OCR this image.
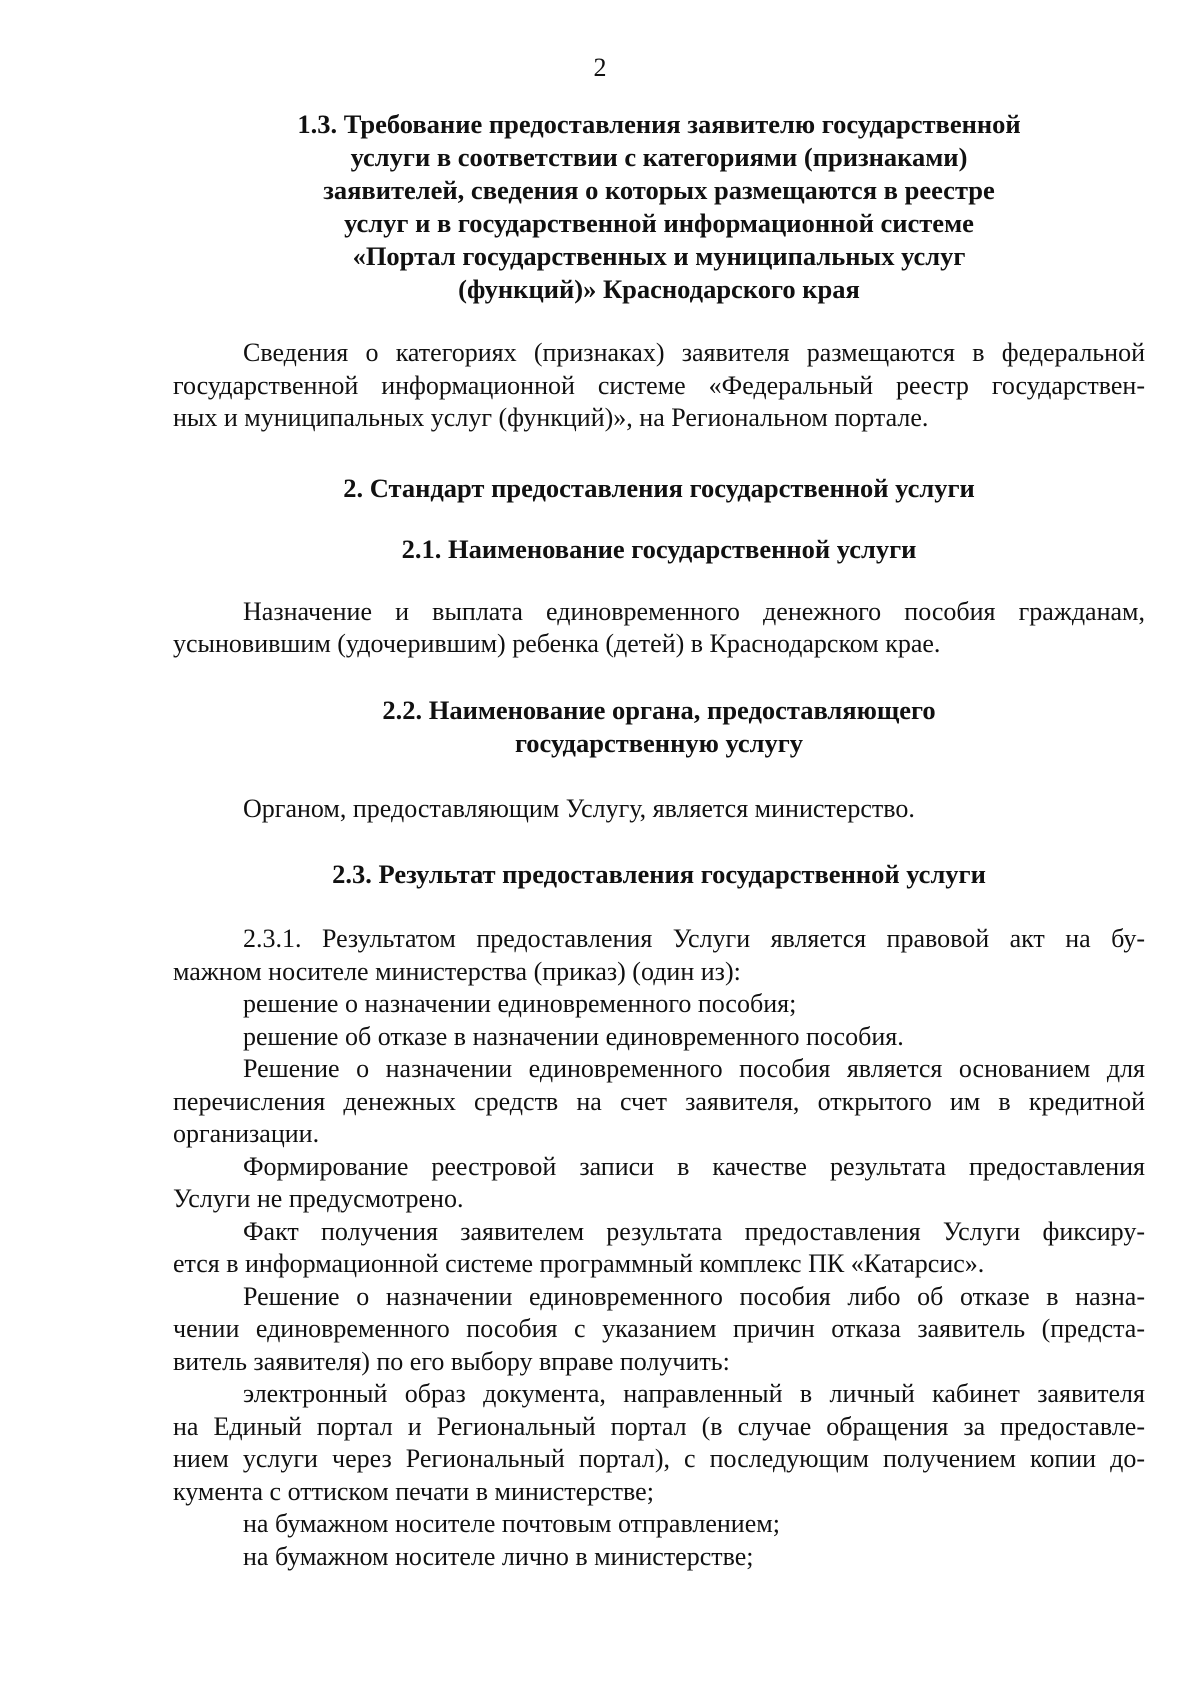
2
1.3. Требование предоставления заявителю государственной
услуги в соответствии с категориями (признаками)
заявителей, сведения о которых размещаются в реестре
услуг и в государственной информационной системе
«Портал государственных и муниципальных услуг
(функций)» Краснодарского края
Сведения о категориях (признаках) заявителя размещаются в федеральной
государственной информационной системе «Федеральный реестр государствен-
ных и муниципальных услуг (функций)», на Региональном портале.
2. Стандарт предоставления государственной услуги
2.1. Наименование государственной услуги
Назначение и выплата единовременного денежного пособия гражданам,
усыновившим (удочерившим) ребенка (детей) в Краснодарском крае.
2.2. Наименование органа, предоставляющего
государственную услугу
Органом, предоставляющим Услугу, является министерство.
2.3. Результат предоставления государственной услуги
2.3.1. Результатом предоставления Услуги является правовой акт на бу-
мажном носителе министерства (приказ) (один из):
решение о назначении единовременного пособия;
решение об отказе в назначении единовременного пособия.
Решение о назначении единовременного пособия является основанием для
перечисления денежных средств на счет заявителя, открытого им в кредитной
организации.
Формирование реестровой записи в качестве результата предоставления
Услуги не предусмотрено.
Факт получения заявителем результата предоставления Услуги фиксиру-
ется в информационной системе программный комплекс ПК «Катарсис».
Решение о назначении единовременного пособия либо об отказе в назна-
чении единовременного пособия с указанием причин отказа заявитель (предста-
витель заявителя) по его выбору вправе получить:
электронный образ документа, направленный в личный кабинет заявителя
на Единый портал и Региональный портал (в случае обращения за предоставле-
нием услуги через Региональный портал), с последующим получением копии до-
кумента с оттиском печати в министерстве;
на бумажном носителе почтовым отправлением;
на бумажном носителе лично в министерстве;
